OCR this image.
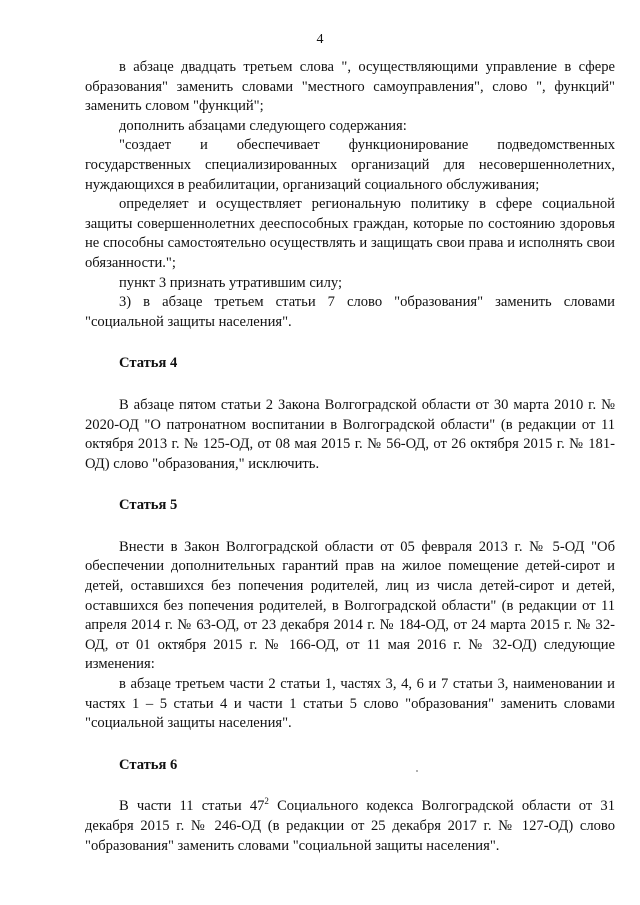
4

в абзаце двадцать третьем слова ", осуществляющими управление в сфере образования" заменить словами "местного самоуправления", слово ", функций" заменить словом "функций";

дополнить абзацами следующего содержания:

"создает и обеспечивает функционирование подведомственных государственных специализированных организаций для несовершеннолетних, нуждающихся в реабилитации, организаций социального обслуживания;

определяет и осуществляет региональную политику в сфере социальной защиты совершеннолетних дееспособных граждан, которые по состоянию здоровья не способны самостоятельно осуществлять и защищать свои права и исполнять свои обязанности.";

пункт 3 признать утратившим силу;

3) в абзаце третьем статьи 7 слово "образования" заменить словами "социальной защиты населения".

Статья 4

В абзаце пятом статьи 2 Закона Волгоградской области от 30 марта 2010 г. № 2020-ОД "О патронатном воспитании в Волгоградской области" (в редакции от 11 октября 2013 г. № 125-ОД, от 08 мая 2015 г. № 56-ОД, от 26 октября 2015 г. № 181-ОД) слово "образования," исключить.

Статья 5

Внести в Закон Волгоградской области от 05 февраля 2013 г. № 5-ОД "Об обеспечении дополнительных гарантий прав на жилое помещение детей-сирот и детей, оставшихся без попечения родителей, лиц из числа детей-сирот и детей, оставшихся без попечения родителей, в Волгоградской области" (в редакции от 11 апреля 2014 г. № 63-ОД, от 23 декабря 2014 г. № 184-ОД, от 24 марта 2015 г. № 32-ОД, от 01 октября 2015 г. № 166-ОД, от 11 мая 2016 г. № 32-ОД) следующие изменения:

в абзаце третьем части 2 статьи 1, частях 3, 4, 6 и 7 статьи 3, наименовании и частях 1 – 5 статьи 4 и части 1 статьи 5 слово "образования" заменить словами "социальной защиты населения".

Статья 6

В части 11 статьи $47^2$ Социального кодекса Волгоградской области от 31 декабря 2015 г. № 246-ОД (в редакции от 25 декабря 2017 г. № 127-ОД) слово "образования" заменить словами "социальной защиты населения".
